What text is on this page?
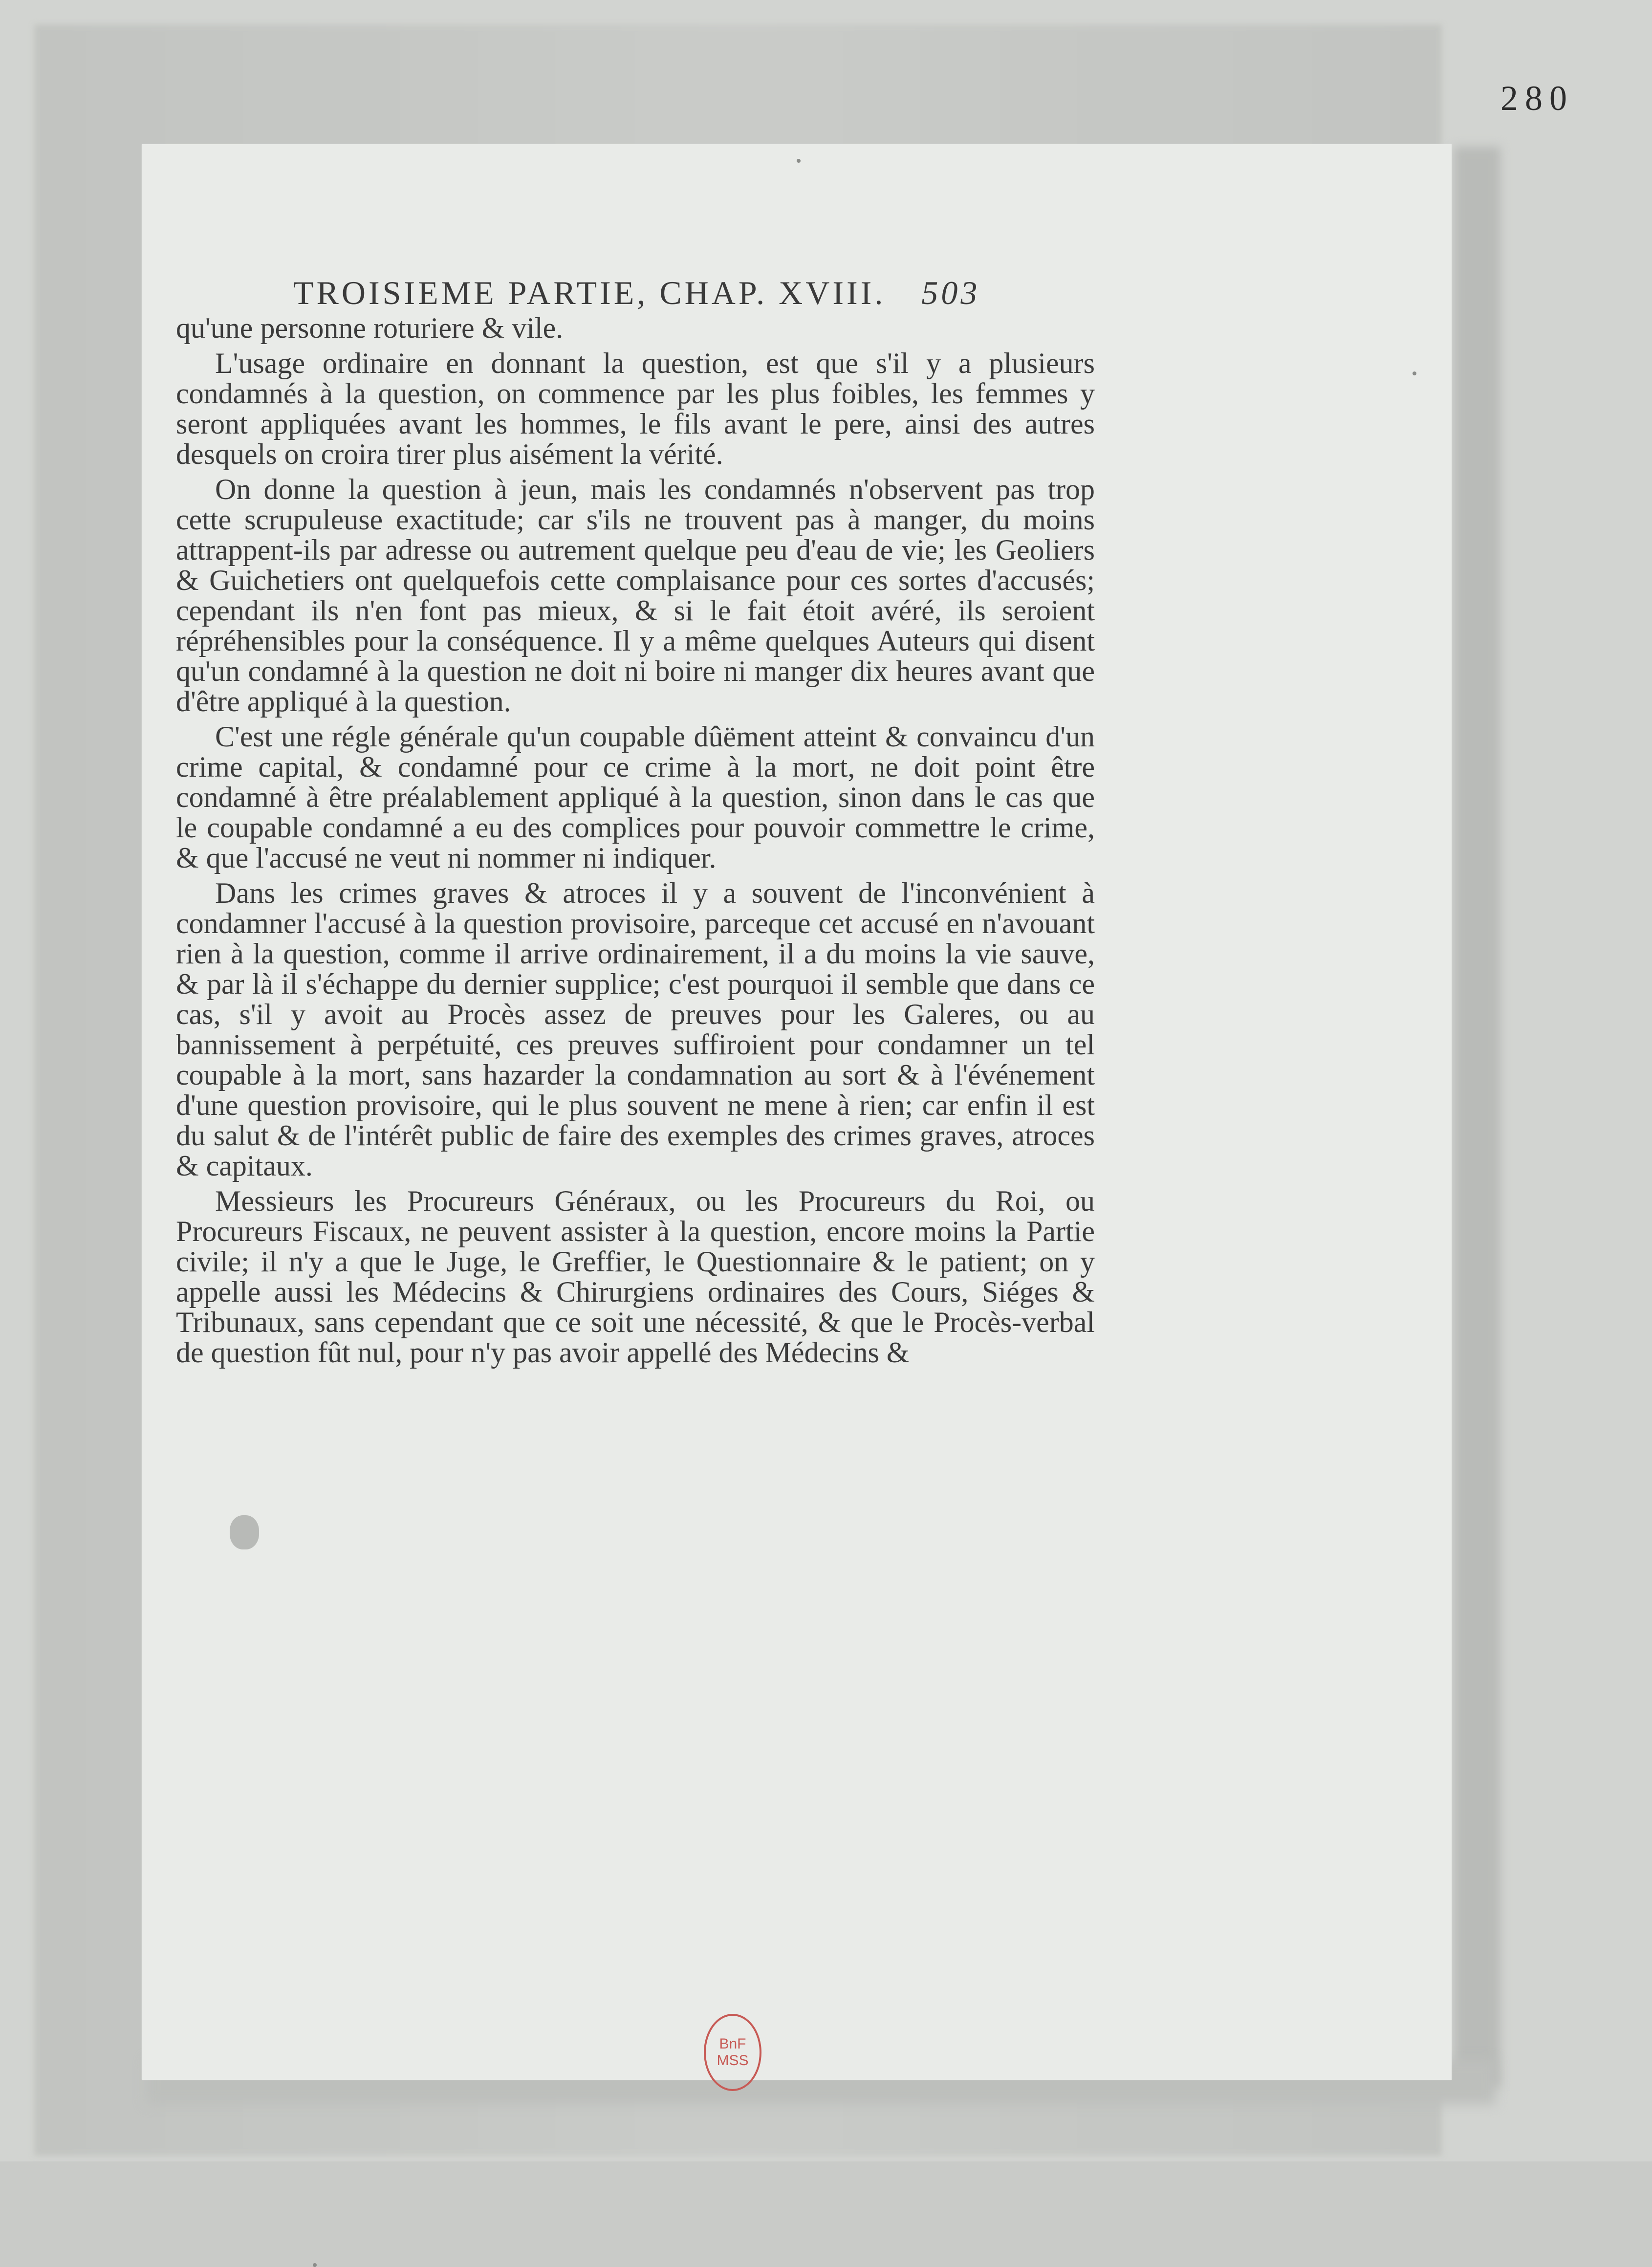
280
TROISIEME PARTIE, CHAP. XVIII. 503

qu'une personne roturiere & vile.

L'usage ordinaire en donnant la question, est que s'il y a plusieurs condamnés à la question, on commence par les plus foibles, les femmes y seront appliquées avant les hommes, le fils avant le pere, ainsi des autres desquels on croira tirer plus aisément la vérité.

On donne la question à jeun, mais les condamnés n'observent pas trop cette scrupuleuse exactitude; car s'ils ne trouvent pas à manger, du moins attrappent-ils par adresse ou autrement quelque peu d'eau de vie; les Geoliers & Guichetiers ont quelquefois cette complaisance pour ces sortes d'accusés; cependant ils n'en font pas mieux, & si le fait étoit avéré, ils seroient répréhensibles pour la conséquence. Il y a même quelques Auteurs qui disent qu'un condamné à la question ne doit ni boire ni manger dix heures avant que d'être appliqué à la question.

C'est une régle générale qu'un coupable dûëment atteint & convaincu d'un crime capital, & condamné pour ce crime à la mort, ne doit point être condamné à être préalablement appliqué à la question, sinon dans le cas que le coupable condamné a eu des complices pour pouvoir commettre le crime, & que l'accusé ne veut ni nommer ni indiquer.

Dans les crimes graves & atroces il y a souvent de l'inconvénient à condamner l'accusé à la question provisoire, parceque cet accusé en n'avouant rien à la question, comme il arrive ordinairement, il a du moins la vie sauve, & par là il s'échappe du dernier supplice; c'est pourquoi il semble que dans ce cas, s'il y avoit au Procès assez de preuves pour les Galeres, ou au bannissement à perpétuité, ces preuves suffiroient pour condamner un tel coupable à la mort, sans hazarder la condamnation au sort & à l'événement d'une question provisoire, qui le plus souvent ne mene à rien; car enfin il est du salut & de l'intérêt public de faire des exemples des crimes graves, atroces & capitaux.

Messieurs les Procureurs Généraux, ou les Procureurs du Roi, ou Procureurs Fiscaux, ne peuvent assister à la question, encore moins la Partie civile; il n'y a que le Juge, le Greffier, le Questionnaire & le patient; on y appelle aussi les Médecins & Chirurgiens ordinaires des Cours, Siéges & Tribunaux, sans cependant que ce soit une nécessité, & que le Procès-verbal de question fût nul, pour n'y pas avoir appellé des Médecins &

BnF
MSS
